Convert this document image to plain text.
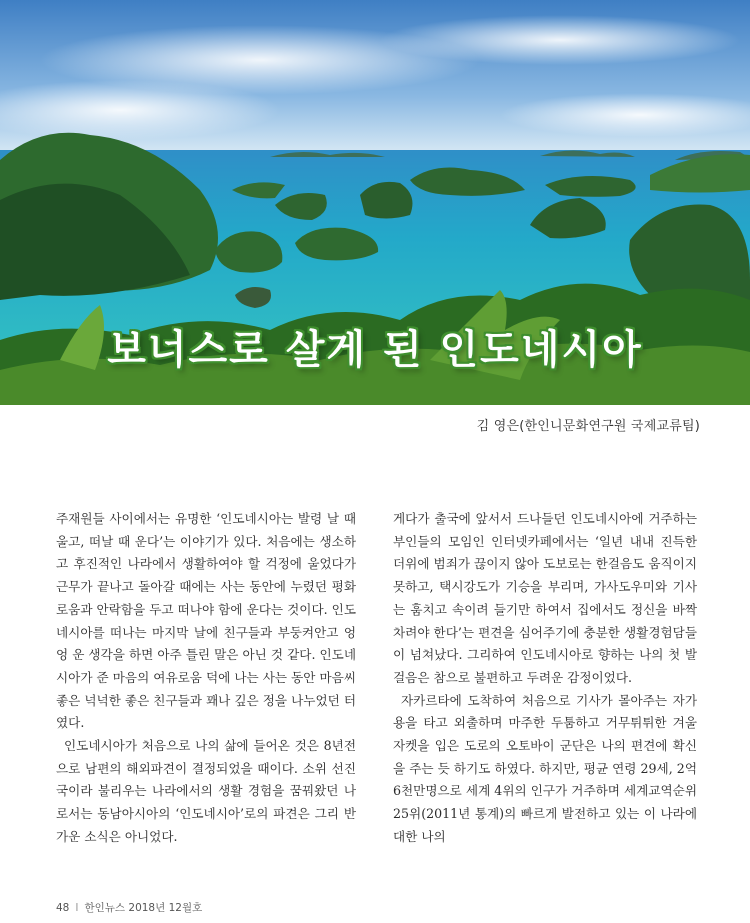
보너스로 살게 된 인도네시아
김 영은(한인니문화연구원 국제교류팀)

주재원들 사이에서는 유명한 ‘인도네시아는 발령 날 때 울고, 떠날 때 운다’는 이야기가 있다. 처음에는 생소하고 후진적인 나라에서 생활하여야 할 걱정에 울었다가 근무가 끝나고 돌아갈 때에는 사는 동안에 누렸던 평화로움과 안락함을 두고 떠나야 함에 운다는 것이다. 인도네시아를 떠나는 마지막 날에 친구들과 부둥켜안고 엉엉 운 생각을 하면 아주 틀린 말은 아닌 것 같다. 인도네시아가 준 마음의 여유로움 덕에 나는 사는 동안 마음씨 좋은 넉넉한 좋은 친구들과 꽤나 깊은 정을 나누었던 터였다.

인도네시아가 처음으로 나의 삶에 들어온 것은 8년전으로 남편의 해외파견이 결정되었을 때이다. 소위 선진국이라 불리우는 나라에서의 생활 경험을 꿈꿔왔던 나로서는 동남아시아의 ‘인도네시아’로의 파견은 그리 반가운 소식은 아니었다.

게다가 출국에 앞서서 드나들던 인도네시아에 거주하는 부인들의 모임인 인터넷카페에서는 ‘일년 내내 진득한 더위에 범죄가 끊이지 않아 도보로는 한걸음도 움직이지 못하고, 택시강도가 기승을 부리며, 가사도우미와 기사는 훔치고 속이려 들기만 하여서 집에서도 정신을 바짝 차려야 한다’는 편견을 심어주기에 충분한 생활경험담들이 넘쳐났다. 그리하여 인도네시아로 향하는 나의 첫 발걸음은 참으로 불편하고 두려운 감정이었다.

자카르타에 도착하여 처음으로 기사가 몰아주는 자가용을 타고 외출하며 마주한 두툼하고 거무튀튀한 겨울 자켓을 입은 도로의 오토바이 군단은 나의 편견에 확신을 주는 듯 하기도 하였다. 하지만, 평균 연령 29세, 2억6천만명으로 세계 4위의 인구가 거주하며 세계교역순위 25위(2011년 통계)의 빠르게 발전하고 있는 이 나라에 대한 나의

48 I 한인뉴스 2018년 12월호
